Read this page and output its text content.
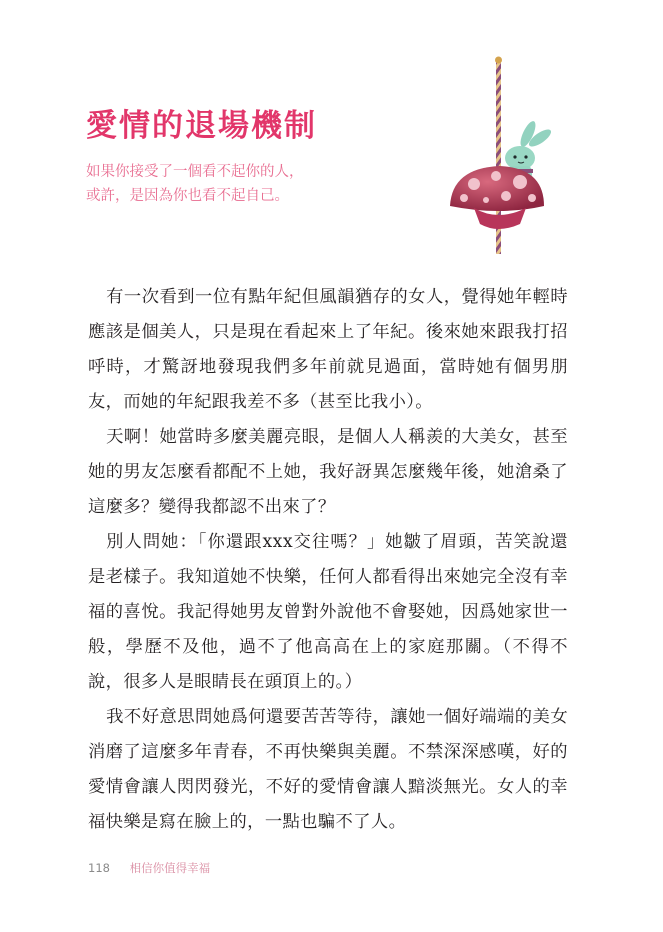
愛情的退場機制
如果你接受了一個看不起你的人，
或許，是因為你也看不起自己。

有一次看到一位有點年紀但風韻猶存的女人，覺得她年輕時應該是個美人，只是現在看起來上了年紀。後來她來跟我打招呼時，才驚訝地發現我們多年前就見過面，當時她有個男朋友，而她的年紀跟我差不多（甚至比我小）。

天啊！她當時多麼美麗亮眼，是個人人稱羨的大美女，甚至她的男友怎麼看都配不上她，我好訝異怎麼幾年後，她滄桑了這麼多？變得我都認不出來了？

別人問她：「你還跟xxx交往嗎？」她皺了眉頭，苦笑說還是老樣子。我知道她不快樂，任何人都看得出來她完全沒有幸福的喜悅。我記得她男友曾對外說他不會娶她，因爲她家世一般，學歷不及他，過不了他高高在上的家庭那關。（不得不說，很多人是眼睛長在頭頂上的。）

我不好意思問她爲何還要苦苦等待，讓她一個好端端的美女消磨了這麼多年青春，不再快樂與美麗。不禁深深感嘆，好的愛情會讓人閃閃發光，不好的愛情會讓人黯淡無光。女人的幸福快樂是寫在臉上的，一點也騙不了人。

118 相信你值得幸福
